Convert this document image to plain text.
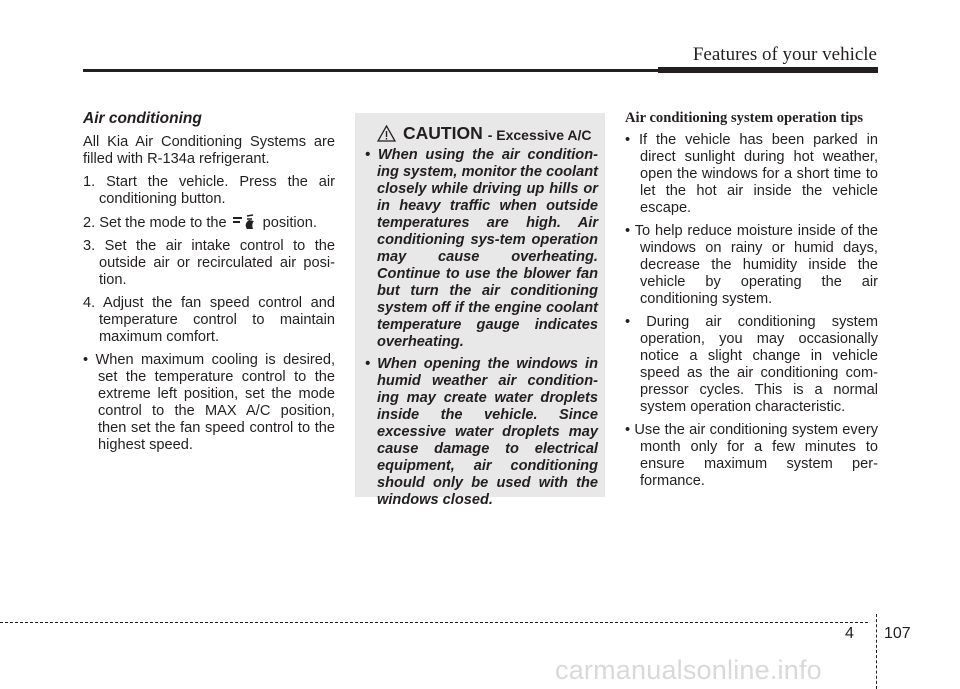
Features of your vehicle
Air conditioning

All Kia Air Conditioning Systems are filled with R-134a refrigerant.

1. Start the vehicle. Press the air conditioning button.

2. Set the mode to the position.

3. Set the air intake control to the outside air or recirculated air posi-tion.

4. Adjust the fan speed control and temperature control to maintain maximum comfort.

• When maximum cooling is desired, set the temperature control to the extreme left position, set the mode control to the MAX A/C position, then set the fan speed control to the highest speed.

CAUTION - Excessive A/C

• When using the air condition-ing system, monitor the coolant closely while driving up hills or in heavy traffic when outside temperatures are high. Air conditioning sys-tem operation may cause overheating. Continue to use the blower fan but turn the air conditioning system off if the engine coolant temperature gauge indicates overheating.

• When opening the windows in humid weather air condition-ing may create water droplets inside the vehicle. Since excessive water droplets may cause damage to electrical equipment, air conditioning should only be used with the windows closed.

Air conditioning system operation tips

• If the vehicle has been parked in direct sunlight during hot weather, open the windows for a short time to let the hot air inside the vehicle escape.

• To help reduce moisture inside of the windows on rainy or humid days, decrease the humidity inside the vehicle by operating the air conditioning system.

• During air conditioning system operation, you may occasionally notice a slight change in vehicle speed as the air conditioning com-pressor cycles. This is a normal system operation characteristic.

• Use the air conditioning system every month only for a few minutes to ensure maximum system per-formance.

4 107
carmanualsonline.info
